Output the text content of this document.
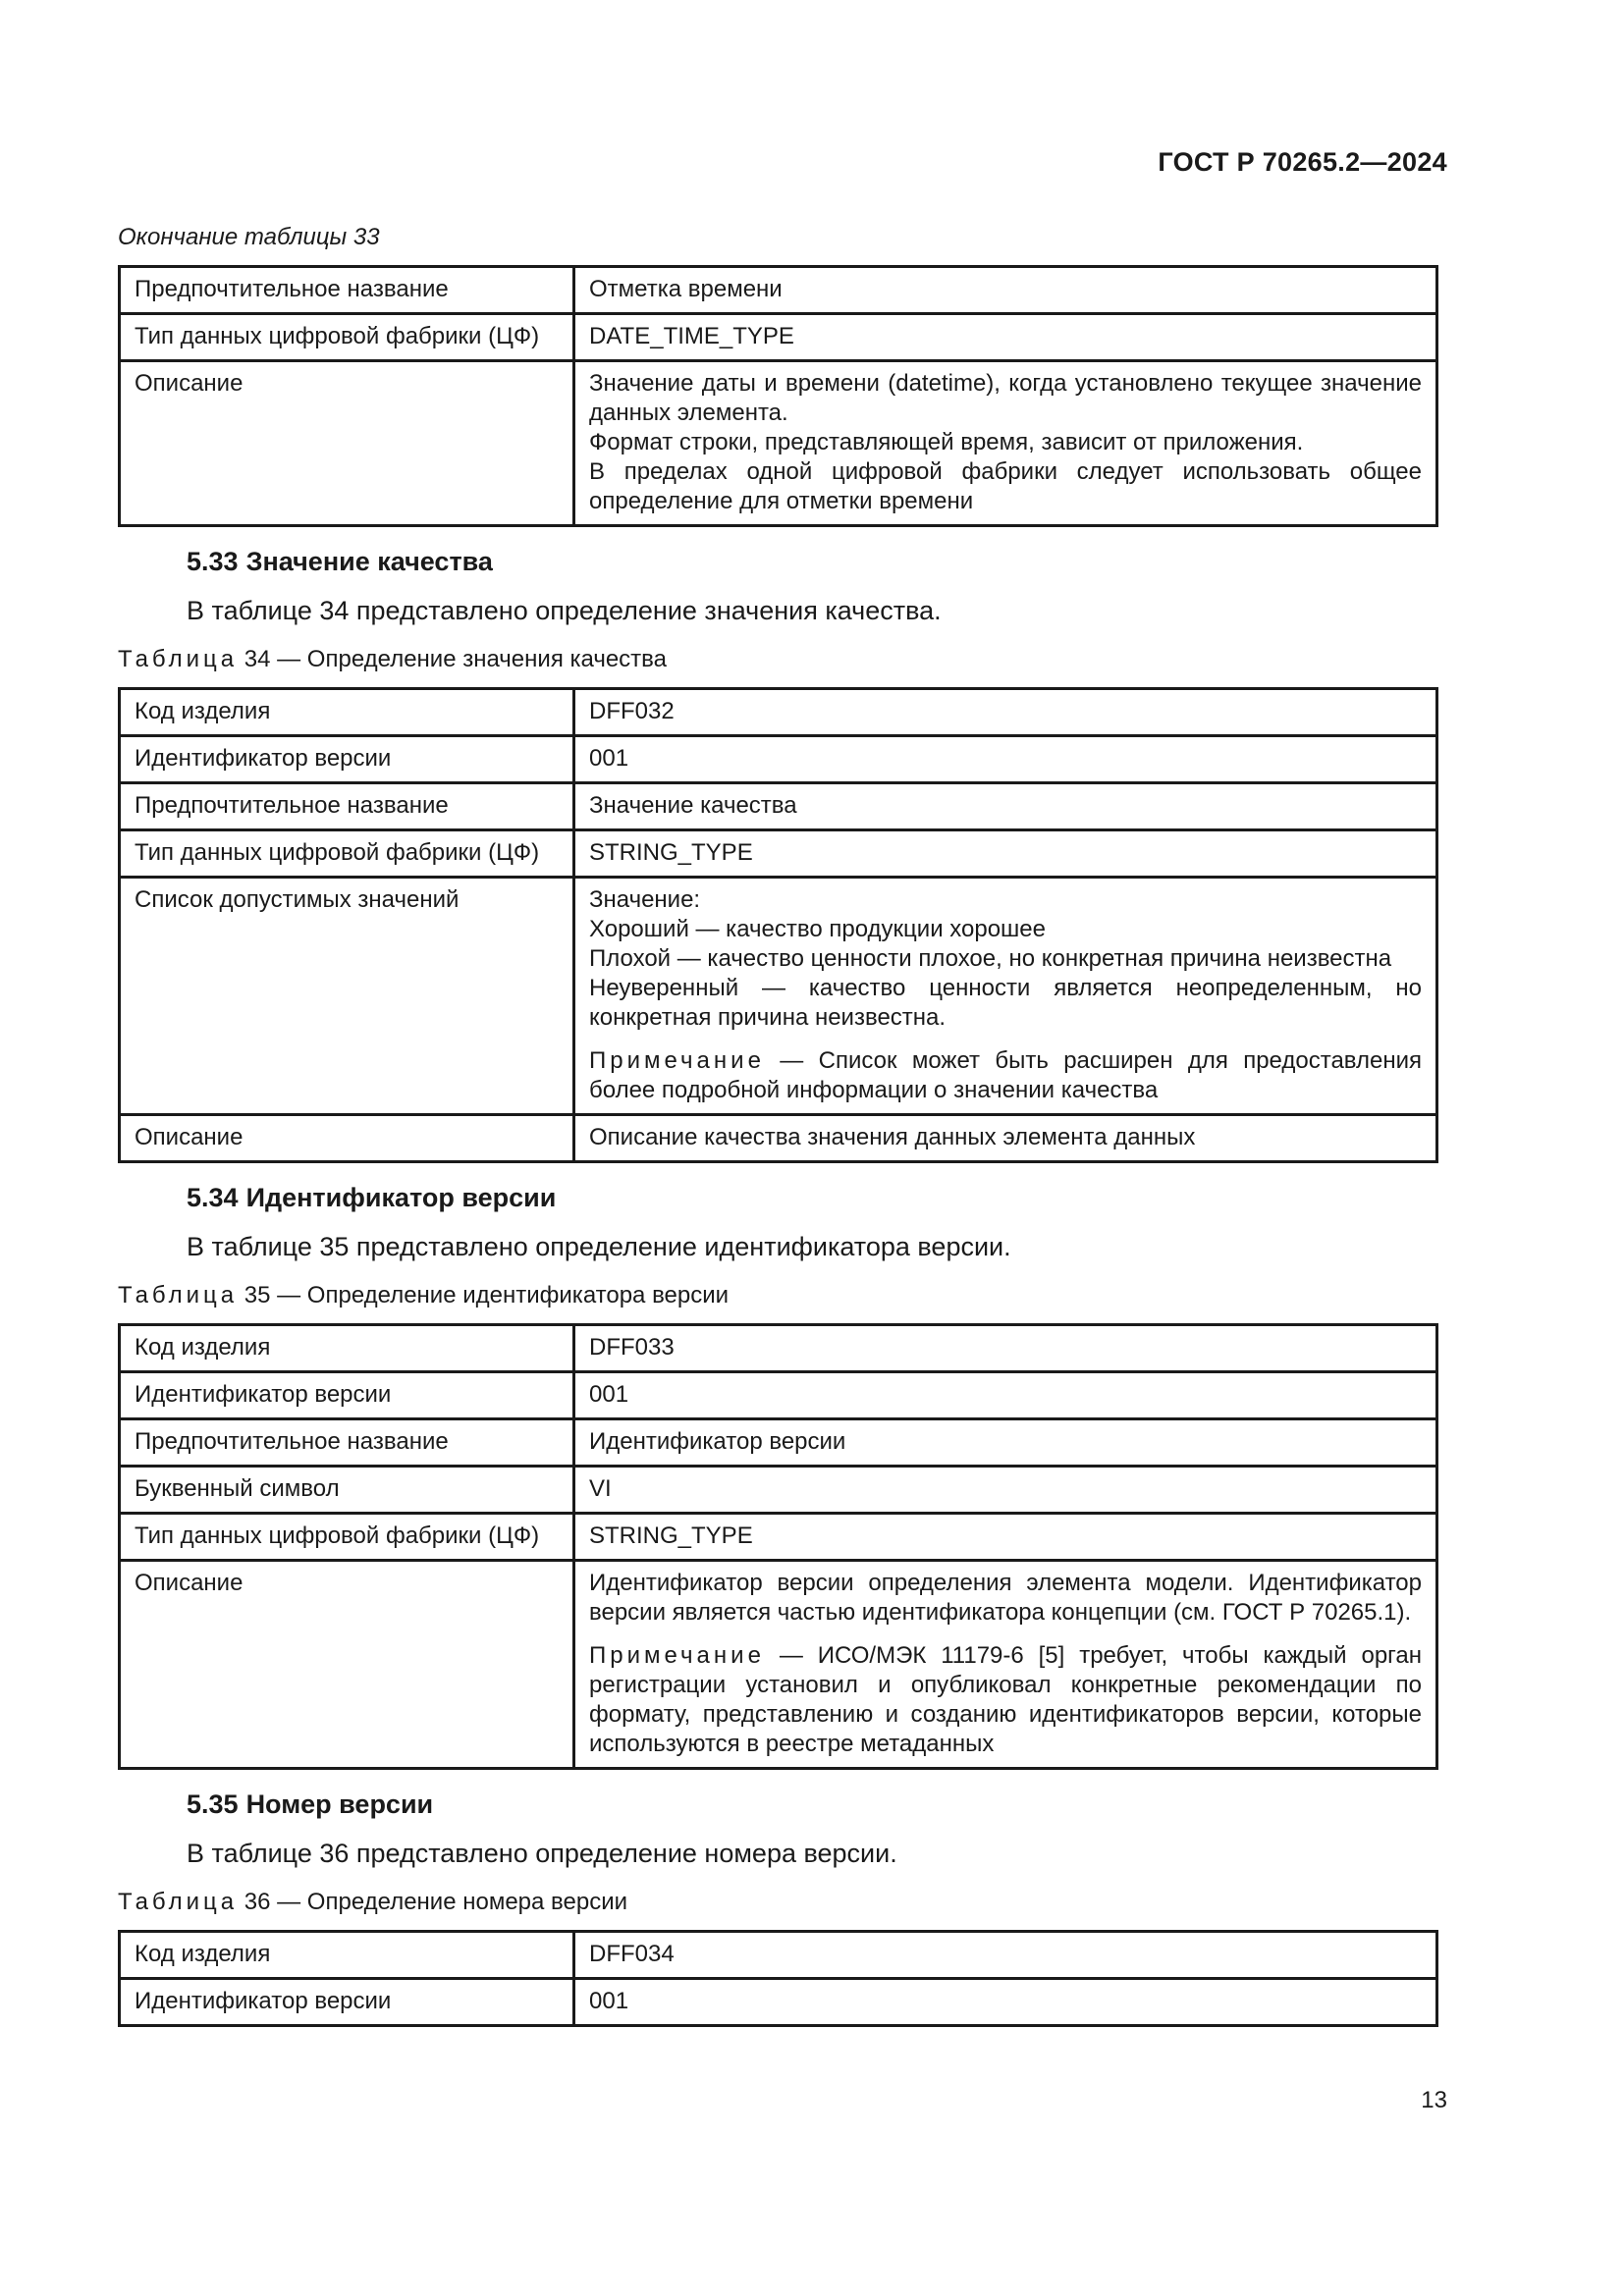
ГОСТ Р 70265.2—2024
Окончание таблицы 33
Предпочтительное название	Отметка времени
Тип данных цифровой фабрики (ЦФ)	DATE_TIME_TYPE
Описание	Значение даты и времени (datetime), когда установлено текущее значение данных элемента.
Формат строки, представляющей время, зависит от приложения.
В пределах одной цифровой фабрики следует использовать общее определение для отметки времени
5.33 Значение качества
В таблице 34 представлено определение значения качества.
Таблица 34 — Определение значения качества
Код изделия	DFF032
Идентификатор версии	001
Предпочтительное название	Значение качества
Тип данных цифровой фабрики (ЦФ)	STRING_TYPE
Список допустимых значений	Значение:
Хороший — качество продукции хорошее
Плохой — качество ценности плохое, но конкретная причина неизвестна
Неуверенный — качество ценности является неопределенным, но конкретная причина неизвестна.
Примечание — Список может быть расширен для предоставления более подробной информации о значении качества

Описание	Описание качества значения данных элемента данных
5.34 Идентификатор версии
В таблице 35 представлено определение идентификатора версии.
Таблица 35 — Определение идентификатора версии
Код изделия	DFF033
Идентификатор версии	001
Предпочтительное название	Идентификатор версии
Буквенный символ	VI
Тип данных цифровой фабрики (ЦФ)	STRING_TYPE
Описание	Идентификатор версии определения элемента модели. Идентификатор версии является частью идентификатора концепции (см. ГОСТ Р 70265.1).
Примечание — ИСО/МЭК 11179-6 [5] требует, чтобы каждый орган регистрации установил и опубликовал конкретные рекомендации по формату, представлению и созданию идентификаторов версии, которые используются в реестре метаданных
5.35 Номер версии
В таблице 36 представлено определение номера версии.
Таблица 36 — Определение номера версии
Код изделия	DFF034
Идентификатор версии	001
13
